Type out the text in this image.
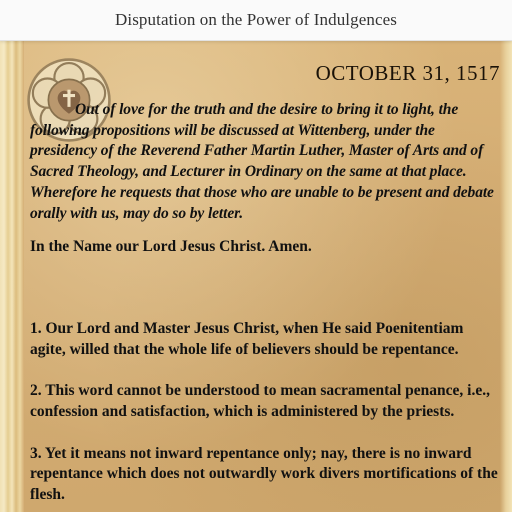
Disputation on the Power of Indulgences
OCTOBER 31, 1517

Out of love for the truth and the desire to bring it to light, the following propositions will be discussed at Wittenberg, under the presidency of the Reverend Father Martin Luther, Master of Arts and of Sacred Theology, and Lecturer in Ordinary on the same at that place. Wherefore he requests that those who are unable to be present and debate orally with us, may do so by letter.

In the Name our Lord Jesus Christ. Amen.

1. Our Lord and Master Jesus Christ, when He said Poenitentiam agite, willed that the whole life of believers should be repentance.

2. This word cannot be understood to mean sacramental penance, i.e., confession and satisfaction, which is administered by the priests.

3. Yet it means not inward repentance only; nay, there is no inward repentance which does not outwardly work divers mortifications of the flesh.
